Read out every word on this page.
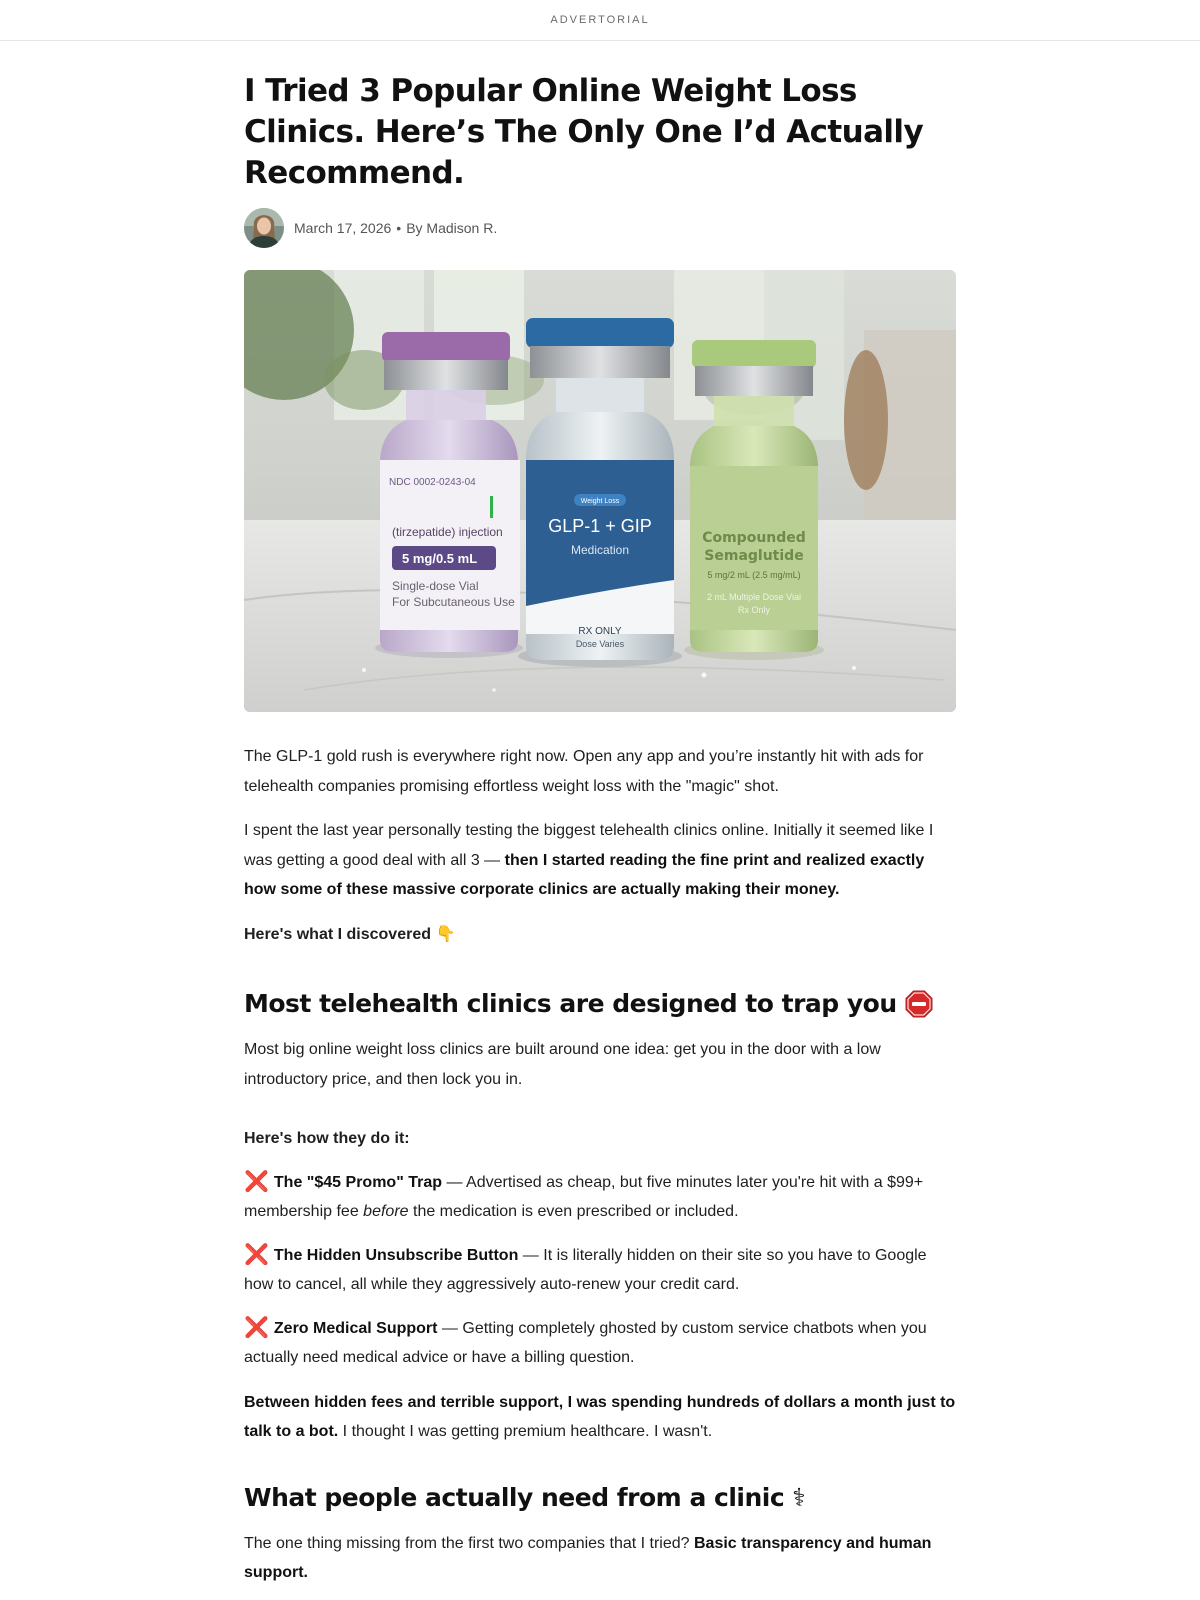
ADVERTORIAL
I Tried 3 Popular Online Weight Loss Clinics. Here’s The Only One I’d Actually Recommend.
March 17, 2026 • By Madison R.
NDC 0002-0243-04
(tirzepatide) injection
5 mg/0.5 mL
Single-dose Vial
For Subcutaneous Use
Compounded
Semaglutide
5 mg/2 mL (2.5 mg/mL)
2 mL Multiple Dose Vial
Rx Only
Weight Loss
GLP-1 + GIP
Medication
RX ONLY
Dose Varies

The GLP-1 gold rush is everywhere right now. Open any app and you’re instantly hit with ads for telehealth companies promising effortless weight loss with the "magic" shot.

I spent the last year personally testing the biggest telehealth clinics online. Initially it seemed like I was getting a good deal with all 3 — then I started reading the fine print and realized exactly how some of these massive corporate clinics are actually making their money.

Here's what I discovered 👇

Most telehealth clinics are designed to trap you

Most big online weight loss clinics are built around one idea: get you in the door with a low introductory price, and then lock you in.

Here's how they do it:

❌ The "$45 Promo" Trap — Advertised as cheap, but five minutes later you're hit with a $99+ membership fee before the medication is even prescribed or included.

❌ The Hidden Unsubscribe Button — It is literally hidden on their site so you have to Google how to cancel, all while they aggressively auto-renew your credit card.

❌ Zero Medical Support — Getting completely ghosted by custom service chatbots when you actually need medical advice or have a billing question.

Between hidden fees and terrible support, I was spending hundreds of dollars a month just to talk to a bot. I thought I was getting premium healthcare. I wasn't.

What people actually need from a clinic ⚕

The one thing missing from the first two companies that I tried? Basic transparency and human support.
